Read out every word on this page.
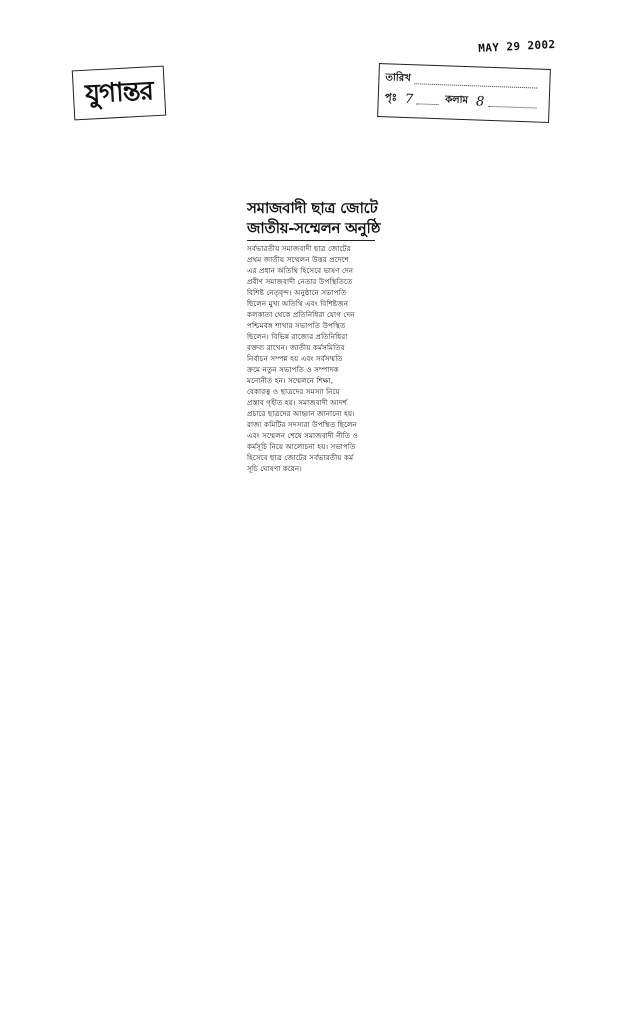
MAY 29 2002
যুগান্তর	তারিখ
পৃঃ 7	কলাম 8
সমাজবাদী ছাত্র জোটে
জাতীয়-সম্মেলন অনুষ্ঠি
সর্বভারতীয় সমাজবাদী ছাত্র জোটের
প্রথম জাতীয় সম্মেলন উত্তর প্রদেশে
এর প্রধান অতিথি হিসেবে ভাষণ দেন
প্রবীণ সমাজবাদী নেতার উপস্থিতিতে
বিশিষ্ট নেতৃবৃন্দ। অনুষ্ঠানে সভাপতি
ছিলেন মুখ্য অতিথি এবং বিশিষ্টজন
কলকাতা থেকে প্রতিনিধিরা যোগ দেন
পশ্চিমবঙ্গ শাখার সভাপতি উপস্থিত
ছিলেন। বিভিন্ন রাজ্যের প্রতিনিধিরা
বক্তব্য রাখেন। জাতীয় কর্মসমিতির
নির্বাচন সম্পন্ন হয় এবং সর্বসম্মতি
ক্রমে নতুন সভাপতি ও সম্পাদক
মনোনীত হন। সম্মেলনে শিক্ষা,
বেকারত্ব ও ছাত্রদের সমস্যা নিয়ে
প্রস্তাব গৃহীত হয়। সমাজবাদী আদর্শ
প্রচারে ছাত্রদের আহ্বান জানানো হয়।
রাজ্য কমিটির সদস্যরা উপস্থিত ছিলেন
এবং সম্মেলন শেষে সমাজবাদী নীতি ও
কর্মসূচি নিয়ে আলোচনা হয়। সভাপতি
হিসেবে ছাত্র জোটের সর্বভারতীয় কর্ম
সূচি ঘোষণা করেন।
